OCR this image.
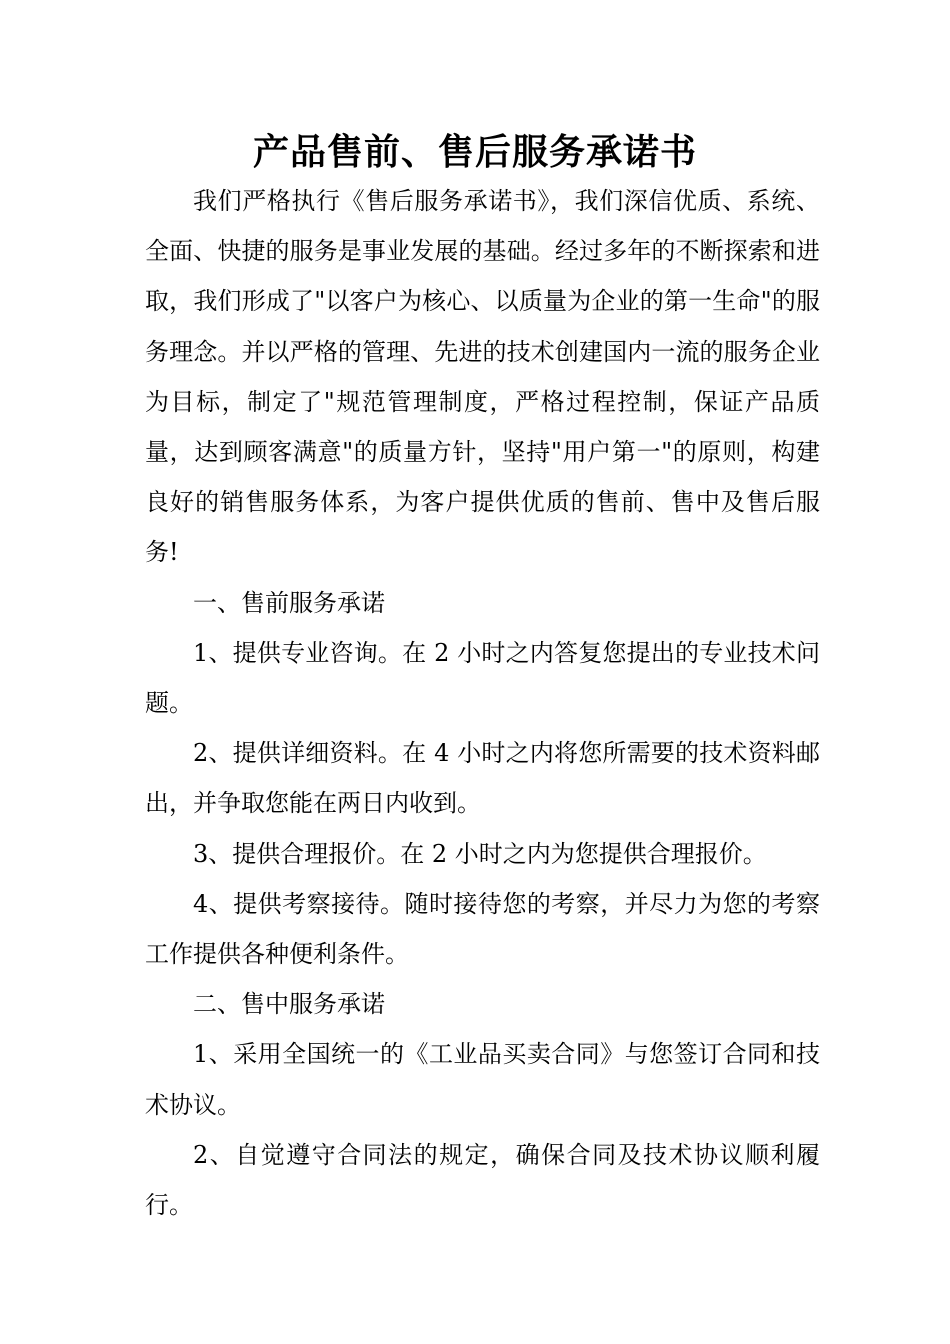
产品售前、售后服务承诺书

我们严格执行《售后服务承诺书》，我们深信优质、系统、全面、快捷的服务是事业发展的基础。经过多年的不断探索和进取，我们形成了"以客户为核心、以质量为企业的第一生命"的服务理念。并以严格的管理、先进的技术创建国内一流的服务企业为目标，制定了"规范管理制度，严格过程控制，保证产品质量，达到顾客满意"的质量方针，坚持"用户第一"的原则，构建良好的销售服务体系，为客户提供优质的售前、售中及售后服务!

一、售前服务承诺

1、提供专业咨询。在 2 小时之内答复您提出的专业技术问题。

2、提供详细资料。在 4 小时之内将您所需要的技术资料邮出，并争取您能在两日内收到。

3、提供合理报价。在 2 小时之内为您提供合理报价。

4、提供考察接待。随时接待您的考察，并尽力为您的考察工作提供各种便利条件。

二、售中服务承诺

1、采用全国统一的《工业品买卖合同》与您签订合同和技术协议。

2、自觉遵守合同法的规定，确保合同及技术协议顺利履行。
